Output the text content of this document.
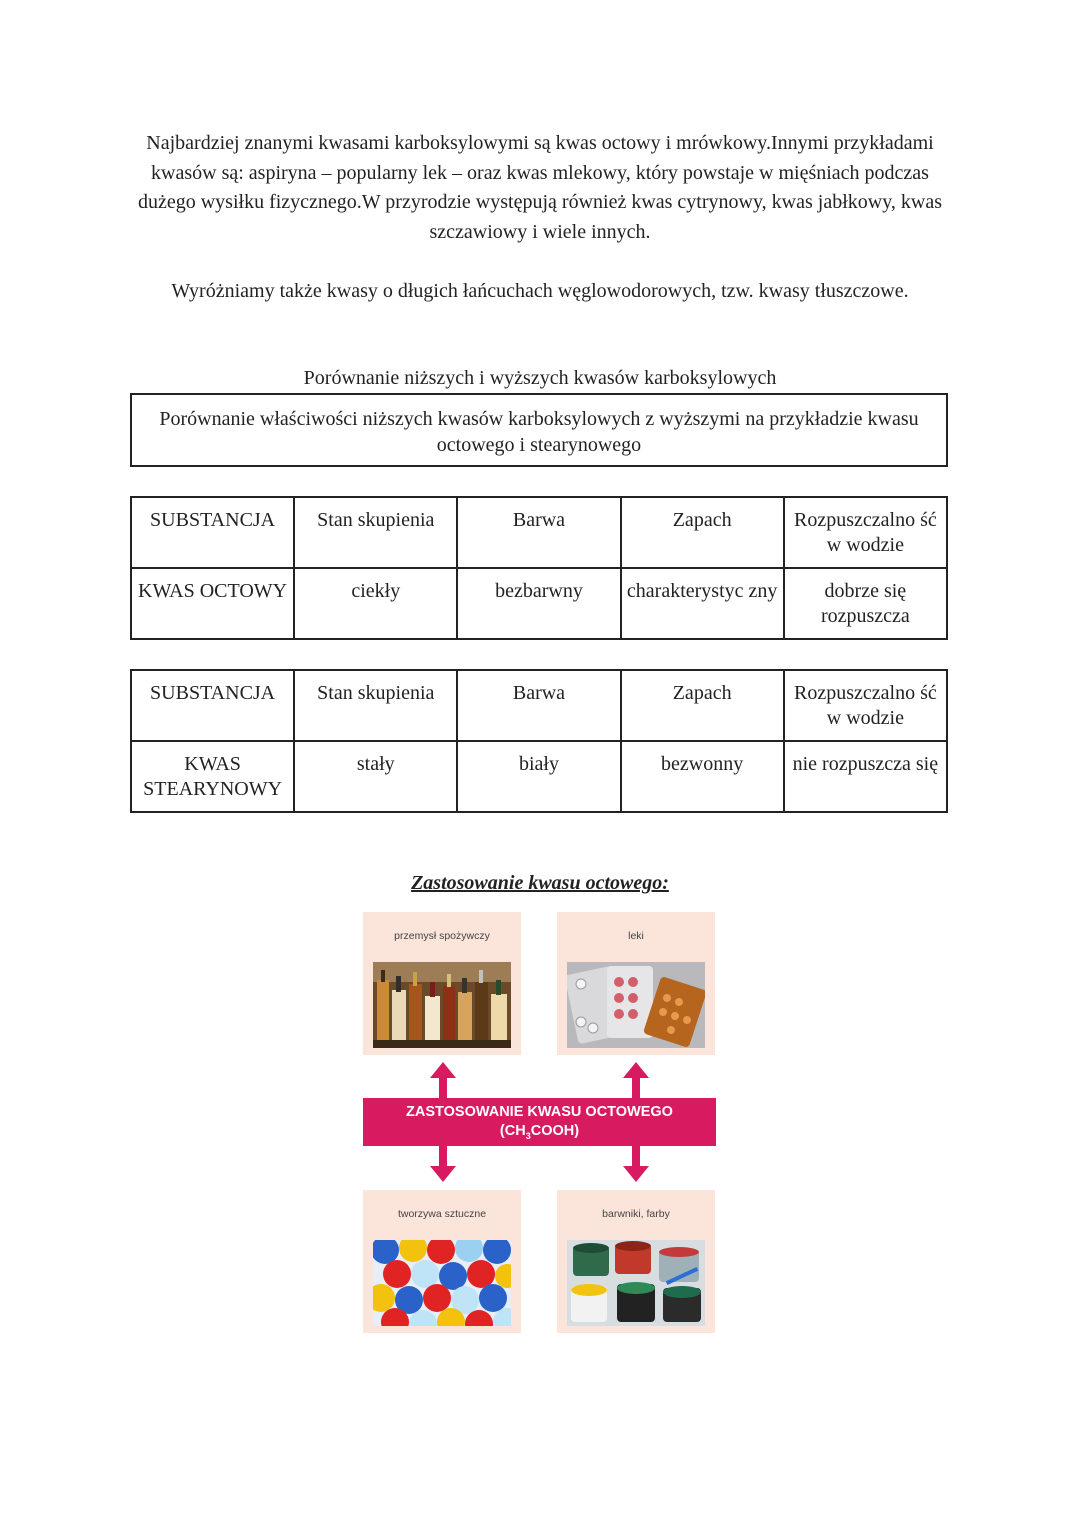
Najbardziej znanymi kwasami karboksylowymi są kwas octowy i mrówkowy.Innymi przykładami kwasów są: aspiryna – popularny lek – oraz kwas mlekowy, który powstaje w mięśniach podczas dużego wysiłku fizycznego.W przyrodzie występują również kwas cytrynowy, kwas jabłkowy, kwas szczawiowy i wiele innych.

Wyróżniamy także kwasy o długich łańcuchach węglowodorowych, tzw. kwasy tłuszczowe.

Porównanie niższych i wyższych kwasów karboksylowych
Porównanie właściwości niższych kwasów karboksylowych z wyższymi na przykładzie kwasu octowego i stearynowego
SUBSTANCJA	Stan skupienia	Barwa	Zapach	Rozpuszczalno ść w wodzie
KWAS OCTOWY	ciekły	bezbarwny	charakterystyc zny	dobrze się rozpuszcza
SUBSTANCJA	Stan skupienia	Barwa	Zapach	Rozpuszczalno ść w wodzie
KWAS STEARYNOWY	stały	biały	bezwonny	nie rozpuszcza się
Zastosowanie kwasu octowego:
przemysł spożywczy	leki
ZASTOSOWANIE KWASU OCTOWEGO
$(CH_3COOH)$
tworzywa sztuczne	barwniki, farby
